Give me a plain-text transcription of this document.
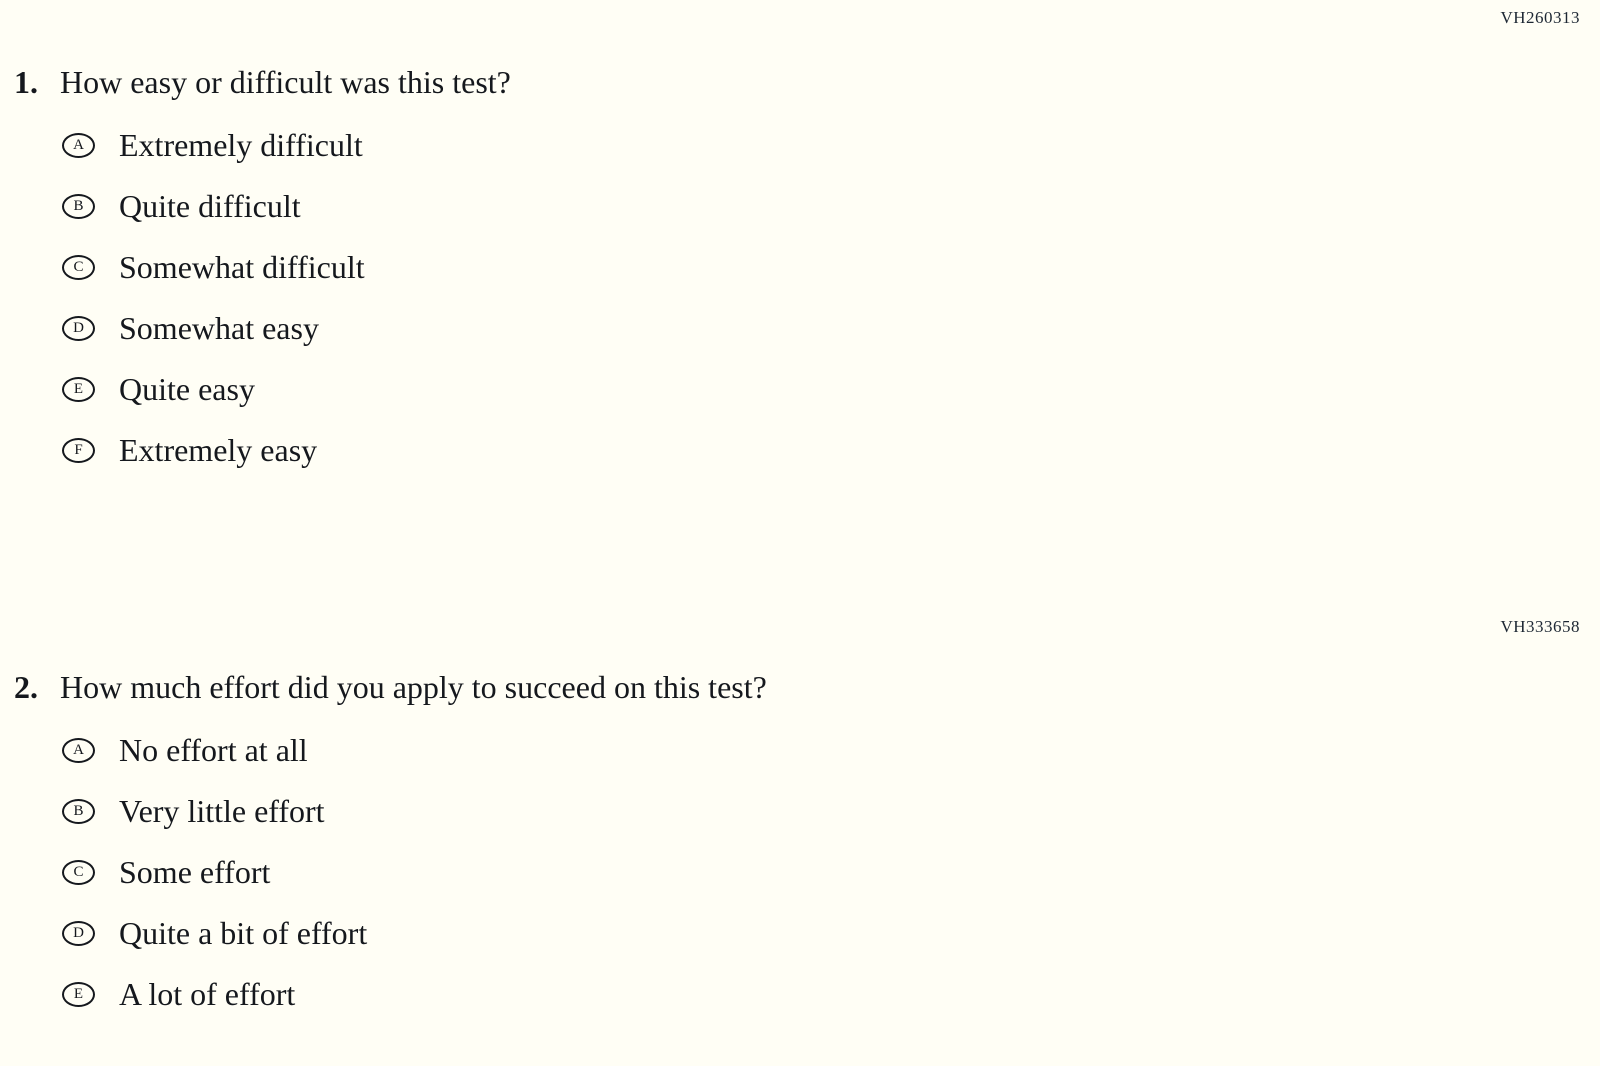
VH260313
1. How easy or difficult was this test?
A	Extremely difficult
B	Quite difficult
C	Somewhat difficult
D	Somewhat easy
E	Quite easy
F	Extremely easy
VH333658
2. How much effort did you apply to succeed on this test?
A	No effort at all
B	Very little effort
C	Some effort
D	Quite a bit of effort
E	A lot of effort
